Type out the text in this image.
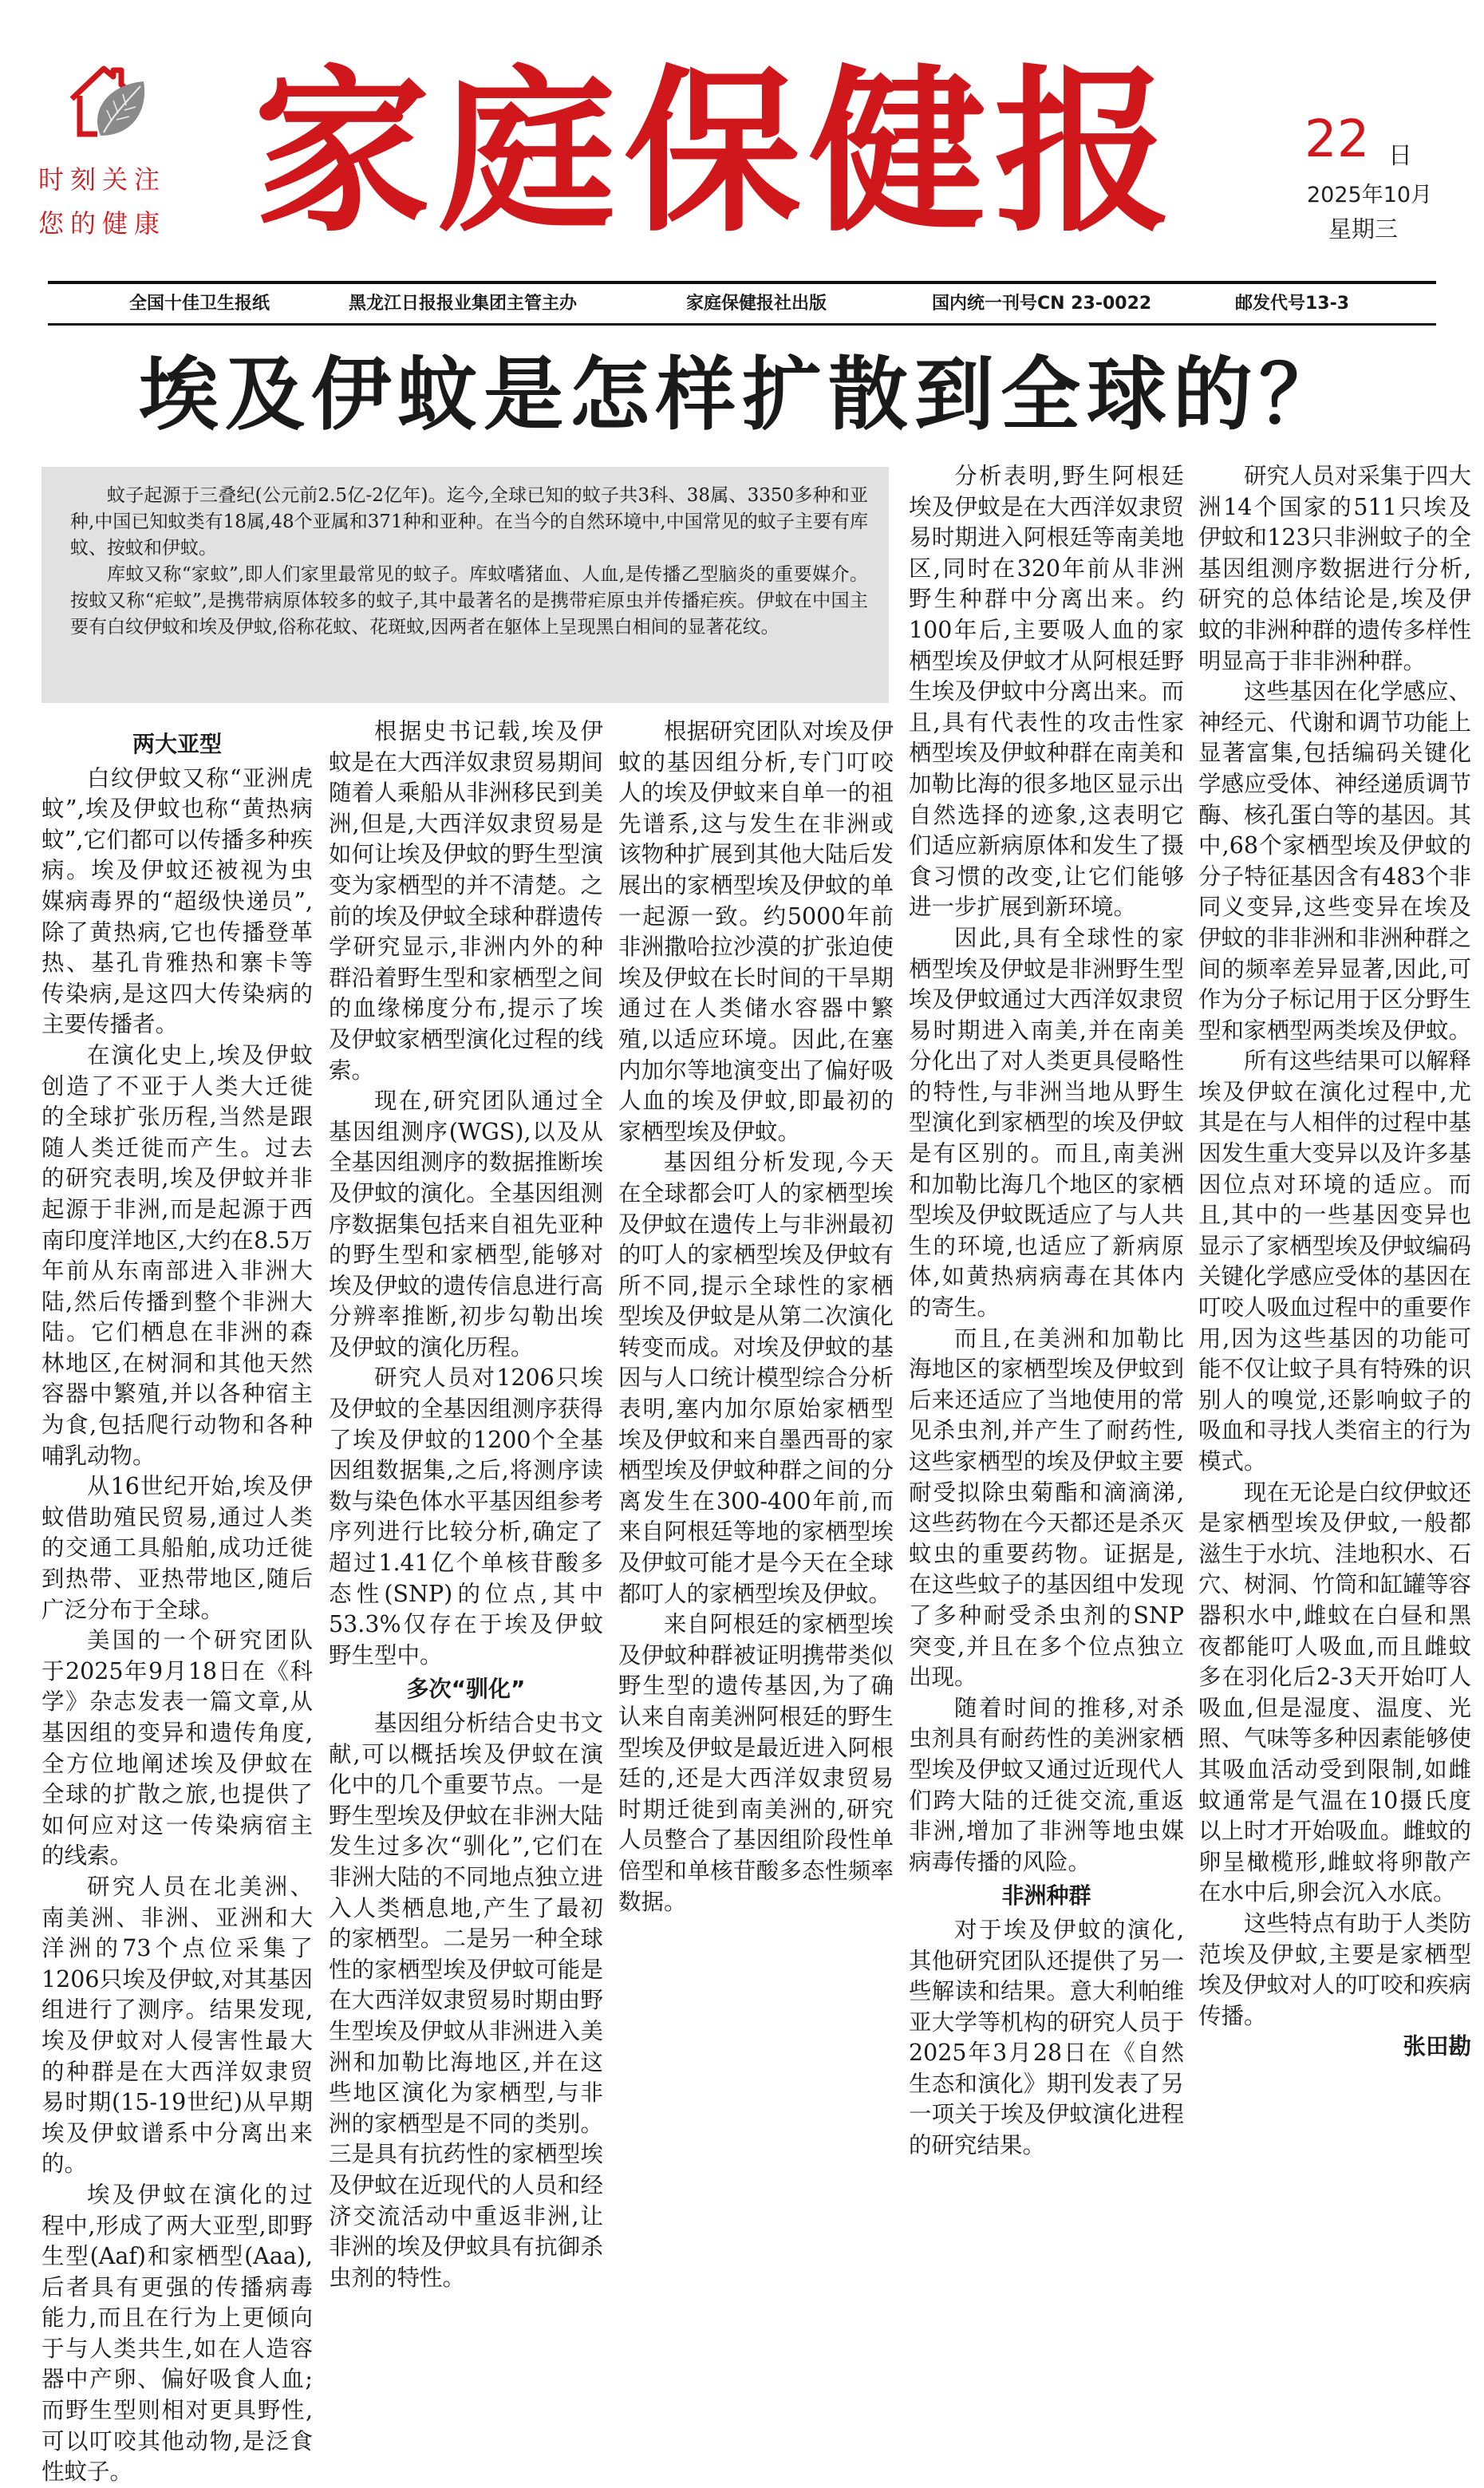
时刻关注
您的健康 家庭保健报	22 日
2025年10月
星期三
全国十佳卫生报纸	黑龙江日报报业集团主管主办	家庭保健报社出版	国内统一刊号CN 23-0022	邮发代号13-3
埃及伊蚊是怎样扩散到全球的？

蚊子起源于三叠纪(公元前2.5亿-2亿年)。迄今,全球已知的蚊子共3科、38属、3350多种和亚种,中国已知蚊类有18属,48个亚属和371种和亚种。在当今的自然环境中,中国常见的蚊子主要有库蚊、按蚊和伊蚊。

库蚊又称“家蚊”,即人们家里最常见的蚊子。库蚊嗜猪血、人血,是传播乙型脑炎的重要媒介。按蚊又称“疟蚊”,是携带病原体较多的蚊子,其中最著名的是携带疟原虫并传播疟疾。伊蚊在中国主要有白纹伊蚊和埃及伊蚊,俗称花蚊、花斑蚊,因两者在躯体上呈现黑白相间的显著花纹。

两大亚型

白纹伊蚊又称“亚洲虎蚊”,埃及伊蚊也称“黄热病蚊”,它们都可以传播多种疾病。埃及伊蚊还被视为虫媒病毒界的“超级快递员”,除了黄热病,它也传播登革热、基孔肯雅热和寨卡等传染病,是这四大传染病的主要传播者。

在演化史上,埃及伊蚊创造了不亚于人类大迁徙的全球扩张历程,当然是跟随人类迁徙而产生。过去的研究表明,埃及伊蚊并非起源于非洲,而是起源于西南印度洋地区,大约在8.5万年前从东南部进入非洲大陆,然后传播到整个非洲大陆。它们栖息在非洲的森林地区,在树洞和其他天然容器中繁殖,并以各种宿主为食,包括爬行动物和各种哺乳动物。

从16世纪开始,埃及伊蚊借助殖民贸易,通过人类的交通工具船舶,成功迁徙到热带、亚热带地区,随后广泛分布于全球。

美国的一个研究团队于2025年9月18日在《科学》杂志发表一篇文章,从基因组的变异和遗传角度,全方位地阐述埃及伊蚊在全球的扩散之旅,也提供了如何应对这一传染病宿主的线索。

研究人员在北美洲、南美洲、非洲、亚洲和大洋洲的73个点位采集了1206只埃及伊蚊,对其基因组进行了测序。结果发现,埃及伊蚊对人侵害性最大的种群是在大西洋奴隶贸易时期(15-19世纪)从早期埃及伊蚊谱系中分离出来的。

埃及伊蚊在演化的过程中,形成了两大亚型,即野生型(Aaf)和家栖型(Aaa),后者具有更强的传播病毒能力,而且在行为上更倾向于与人类共生,如在人造容器中产卵、偏好吸食人血;而野生型则相对更具野性,可以叮咬其他动物,是泛食性蚊子。

根据史书记载,埃及伊蚊是在大西洋奴隶贸易期间随着人乘船从非洲移民到美洲,但是,大西洋奴隶贸易是如何让埃及伊蚊的野生型演变为家栖型的并不清楚。之前的埃及伊蚊全球种群遗传学研究显示,非洲内外的种群沿着野生型和家栖型之间的血缘梯度分布,提示了埃及伊蚊家栖型演化过程的线索。

现在,研究团队通过全基因组测序(WGS),以及从全基因组测序的数据推断埃及伊蚊的演化。全基因组测序数据集包括来自祖先亚种的野生型和家栖型,能够对埃及伊蚊的遗传信息进行高分辨率推断,初步勾勒出埃及伊蚊的演化历程。

研究人员对1206只埃及伊蚊的全基因组测序获得了埃及伊蚊的1200个全基因组数据集,之后,将测序读数与染色体水平基因组参考序列进行比较分析,确定了超过1.41亿个单核苷酸多态性(SNP)的位点,其中53.3%仅存在于埃及伊蚊野生型中。

多次“驯化”

基因组分析结合史书文献,可以概括埃及伊蚊在演化中的几个重要节点。一是野生型埃及伊蚊在非洲大陆发生过多次“驯化”,它们在非洲大陆的不同地点独立进入人类栖息地,产生了最初的家栖型。二是另一种全球性的家栖型埃及伊蚊可能是在大西洋奴隶贸易时期由野生型埃及伊蚊从非洲进入美洲和加勒比海地区,并在这些地区演化为家栖型,与非洲的家栖型是不同的类别。三是具有抗药性的家栖型埃及伊蚊在近现代的人员和经济交流活动中重返非洲,让非洲的埃及伊蚊具有抗御杀虫剂的特性。

根据研究团队对埃及伊蚊的基因组分析,专门叮咬人的埃及伊蚊来自单一的祖先谱系,这与发生在非洲或该物种扩展到其他大陆后发展出的家栖型埃及伊蚊的单一起源一致。约5000年前非洲撒哈拉沙漠的扩张迫使埃及伊蚊在长时间的干旱期通过在人类储水容器中繁殖,以适应环境。因此,在塞内加尔等地演变出了偏好吸人血的埃及伊蚊,即最初的家栖型埃及伊蚊。

基因组分析发现,今天在全球都会叮人的家栖型埃及伊蚊在遗传上与非洲最初的叮人的家栖型埃及伊蚊有所不同,提示全球性的家栖型埃及伊蚊是从第二次演化转变而成。对埃及伊蚊的基因与人口统计模型综合分析表明,塞内加尔原始家栖型埃及伊蚊和来自墨西哥的家栖型埃及伊蚊种群之间的分离发生在300-400年前,而来自阿根廷等地的家栖型埃及伊蚊可能才是今天在全球都叮人的家栖型埃及伊蚊。

来自阿根廷的家栖型埃及伊蚊种群被证明携带类似野生型的遗传基因,为了确认来自南美洲阿根廷的野生型埃及伊蚊是最近进入阿根廷的,还是大西洋奴隶贸易时期迁徙到南美洲的,研究人员整合了基因组阶段性单倍型和单核苷酸多态性频率数据。

分析表明,野生阿根廷埃及伊蚊是在大西洋奴隶贸易时期进入阿根廷等南美地区,同时在320年前从非洲野生种群中分离出来。约100年后,主要吸人血的家栖型埃及伊蚊才从阿根廷野生埃及伊蚊中分离出来。而且,具有代表性的攻击性家栖型埃及伊蚊种群在南美和加勒比海的很多地区显示出自然选择的迹象,这表明它们适应新病原体和发生了摄食习惯的改变,让它们能够进一步扩展到新环境。

因此,具有全球性的家栖型埃及伊蚊是非洲野生型埃及伊蚊通过大西洋奴隶贸易时期进入南美,并在南美分化出了对人类更具侵略性的特性,与非洲当地从野生型演化到家栖型的埃及伊蚊是有区别的。而且,南美洲和加勒比海几个地区的家栖型埃及伊蚊既适应了与人共生的环境,也适应了新病原体,如黄热病病毒在其体内的寄生。

而且,在美洲和加勒比海地区的家栖型埃及伊蚊到后来还适应了当地使用的常见杀虫剂,并产生了耐药性,这些家栖型的埃及伊蚊主要耐受拟除虫菊酯和滴滴涕,这些药物在今天都还是杀灭蚊虫的重要药物。证据是,在这些蚊子的基因组中发现了多种耐受杀虫剂的SNP突变,并且在多个位点独立出现。

随着时间的推移,对杀虫剂具有耐药性的美洲家栖型埃及伊蚊又通过近现代人们跨大陆的迁徙交流,重返非洲,增加了非洲等地虫媒病毒传播的风险。

非洲种群

对于埃及伊蚊的演化,其他研究团队还提供了另一些解读和结果。意大利帕维亚大学等机构的研究人员于2025年3月28日在《自然生态和演化》期刊发表了另一项关于埃及伊蚊演化进程的研究结果。

研究人员对采集于四大洲14个国家的511只埃及伊蚊和123只非洲蚊子的全基因组测序数据进行分析,研究的总体结论是,埃及伊蚊的非洲种群的遗传多样性明显高于非非洲种群。

这些基因在化学感应、神经元、代谢和调节功能上显著富集,包括编码关键化学感应受体、神经递质调节酶、核孔蛋白等的基因。其中,68个家栖型埃及伊蚊的分子特征基因含有483个非同义变异,这些变异在埃及伊蚊的非非洲和非洲种群之间的频率差异显著,因此,可作为分子标记用于区分野生型和家栖型两类埃及伊蚊。

所有这些结果可以解释埃及伊蚊在演化过程中,尤其是在与人相伴的过程中基因发生重大变异以及许多基因位点对环境的适应。而且,其中的一些基因变异也显示了家栖型埃及伊蚊编码关键化学感应受体的基因在叮咬人吸血过程中的重要作用,因为这些基因的功能可能不仅让蚊子具有特殊的识别人的嗅觉,还影响蚊子的吸血和寻找人类宿主的行为模式。

现在无论是白纹伊蚊还是家栖型埃及伊蚊,一般都滋生于水坑、洼地积水、石穴、树洞、竹筒和缸罐等容器积水中,雌蚊在白昼和黑夜都能叮人吸血,而且雌蚊多在羽化后2-3天开始叮人吸血,但是湿度、温度、光照、气味等多种因素能够使其吸血活动受到限制,如雌蚊通常是气温在10摄氏度以上时才开始吸血。雌蚊的卵呈橄榄形,雌蚊将卵散产在水中后,卵会沉入水底。

这些特点有助于人类防范埃及伊蚊,主要是家栖型埃及伊蚊对人的叮咬和疾病传播。

张田勘
